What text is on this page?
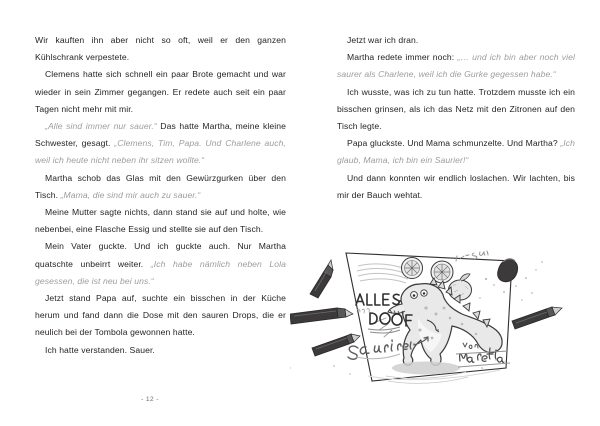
Wir kauften ihn aber nicht so oft, weil er den ganzen Kühlschrank verpestete.

Clemens hatte sich schnell ein paar Brote gemacht und war wieder in sein Zimmer gegangen. Er redete auch seit ein paar Tagen nicht mehr mit mir.

„Alle sind immer nur sauer.“ Das hatte Martha, meine kleine Schwester, gesagt. „Clemens, Tim, Papa. Und Charlene auch, weil ich heute nicht neben ihr sitzen wollte.“

Martha schob das Glas mit den Gewürzgurken über den Tisch. „Mama, die sind mir auch zu sauer.“

Meine Mutter sagte nichts, dann stand sie auf und holte, wie nebenbei, eine Flasche Essig und stellte sie auf den Tisch.

Mein Vater guckte. Und ich guckte auch. Nur Martha quatschte unbeirrt weiter. „Ich habe nämlich neben Lola gesessen, die ist neu bei uns.“

Jetzt stand Papa auf, suchte ein bisschen in der Küche herum und fand dann die Dose mit den sauren Drops, die er neulich bei der Tombola gewonnen hatte.

Ich hatte verstanden. Sauer.

- 12 -

Jetzt war ich dran.

Martha redete immer noch: „… und ich bin aber noch viel saurer als Charlene, weil ich die Gurke gegessen habe.“

Ich wusste, was ich zu tun hatte. Trotzdem musste ich ein bisschen grinsen, als ich das Netz mit den Zitronen auf den Tisch legte.

Papa gluckste. Und Mama schmunzelte. Und Martha? „Ich glaub, Mama, ich bin ein Saurier!“

Und dann konnten wir endlich loslachen. Wir lachten, bis mir der Bauch wehtat.
